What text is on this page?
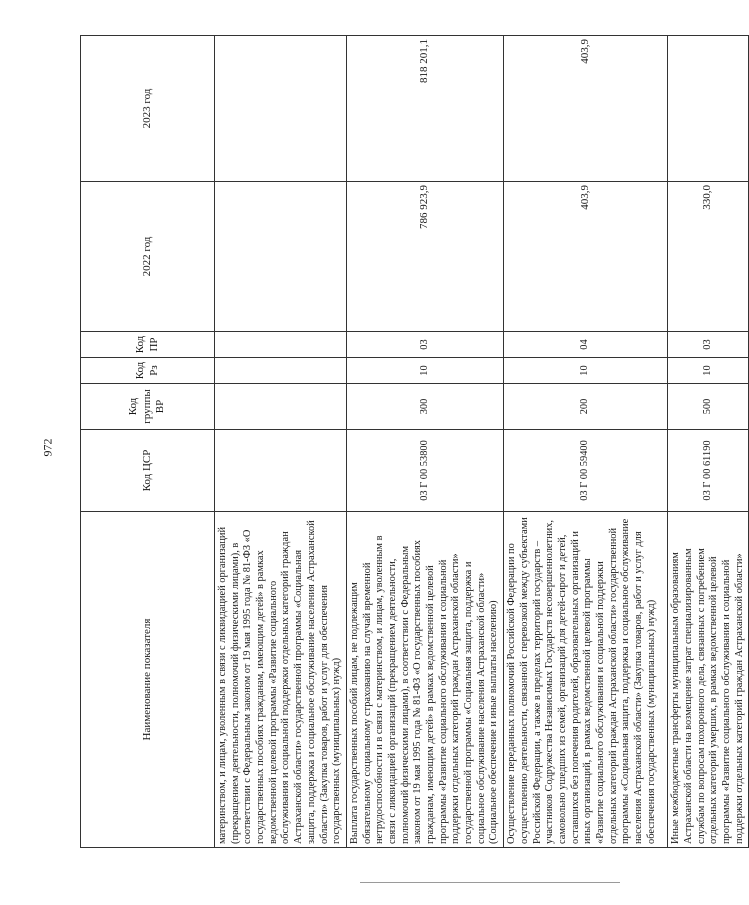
972
Наименование показателя	Код ЦСР	Код группы ВР	Код Рз	Код ПР	2022 год	2023 год
материнством, и лицам, уволенным в связи с ликвидацией организаций (прекращением деятельности, полномочий физическими лицами), в соответствии с Федеральным законом от 19 мая 1995 года № 81-ФЗ «О государственных пособиях гражданам, имеющим детей» в рамках ведомственной целевой программы «Развитие социального обслуживания и социальной поддержки отдельных категорий граждан Астраханской области» государственной программы «Социальная защита, поддержка и социальное обслуживание населения Астраханской области» (Закупка товаров, работ и услуг для обеспечения государственных (муниципальных) нужд)						
Выплата государственных пособий лицам, не подлежащим обязательному социальному страхованию на случай временной нетрудоспособности и в связи с материнством, и лицам, уволенным в связи с ликвидацией организаций (прекращением деятельности, полномочий физическими лицами), в соответствии с Федеральным законом от 19 мая 1995 года № 81-ФЗ «О государственных пособиях гражданам, имеющим детей» в рамках ведомственной целевой программы «Развитие социального обслуживания и социальной поддержки отдельных категорий граждан Астраханской области» государственной программы «Социальная защита, поддержка и социальное обслуживание населения Астраханской области» (Социальное обеспечение и иные выплаты населению)	03 Г 00 53800	300	10	03	786 923,9	818 201,1
Осуществление переданных полномочий Российской Федерации по осуществлению деятельности, связанной с перевозкой между субъектами Российской Федерации, а также в пределах территорий государств – участников Содружества Независимых Государств несовершеннолетних, самовольно ушедших из семей, организаций для детей-сирот и детей, оставшихся без попечения родителей, образовательных организаций и иных организаций, в рамках ведомственной целевой программы «Развитие социального обслуживания и социальной поддержки отдельных категорий граждан Астраханской области» государственной программы «Социальная защита, поддержка и социальное обслуживание населения Астраханской области» (Закупка товаров, работ и услуг для обеспечения государственных (муниципальных) нужд)	03 Г 00 59400	200	10	04	403,9	403,9
Иные межбюджетные трансферты муниципальным образованиям Астраханской области на возмещение затрат специализированным службам по вопросам похоронного дела, связанных с погребением отдельных категорий умерших, в рамках ведомственной целевой программы «Развитие социального обслуживания и социальной поддержки отдельных категорий граждан Астраханской области»	03 Г 00 61190	500	10	03	330,0	
